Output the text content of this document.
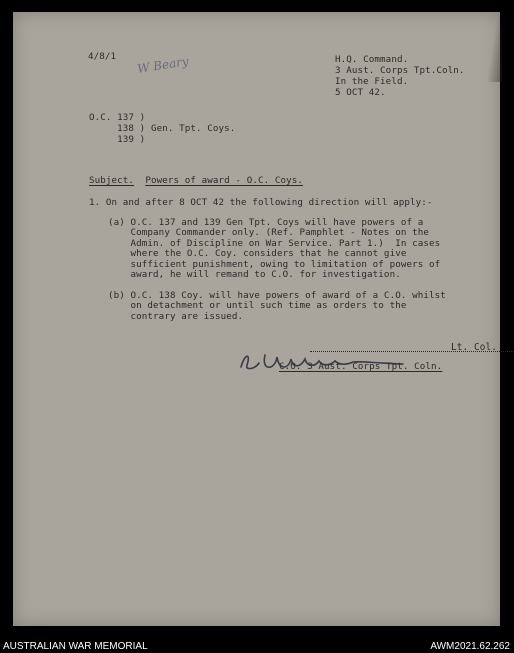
4/8/1 W Beary	H.Q. Command.
3 Aust. Corps Tpt.Coln.
In the Field.
5 OCT 42.
O.C. 137 )
138 ) Gen. Tpt. Coys.
139 )
Subject. Powers of award - O.C. Coys.
1. On and after 8 OCT 42 the following direction will apply:-
(a) O.C. 137 and 139 Gen Tpt. Coys will have powers of a
Company Commander only. (Ref. Pamphlet - Notes on the
Admin. of Discipline on War Service. Part 1.)  In cases
where the O.C. Coy. considers that he cannot give
sufficient punishment, owing to limitation of powers of
award, he will remand to C.O. for investigation.
(b) O.C. 138 Coy. will have powers of award of a C.O. whilst
on detachment or until such time as orders to the
contrary are issued.
Lt. Col.
C.O. 3 Aust. Corps Tpt. Coln.
AUSTRALIAN WAR MEMORIAL	AWM2021.62.262
